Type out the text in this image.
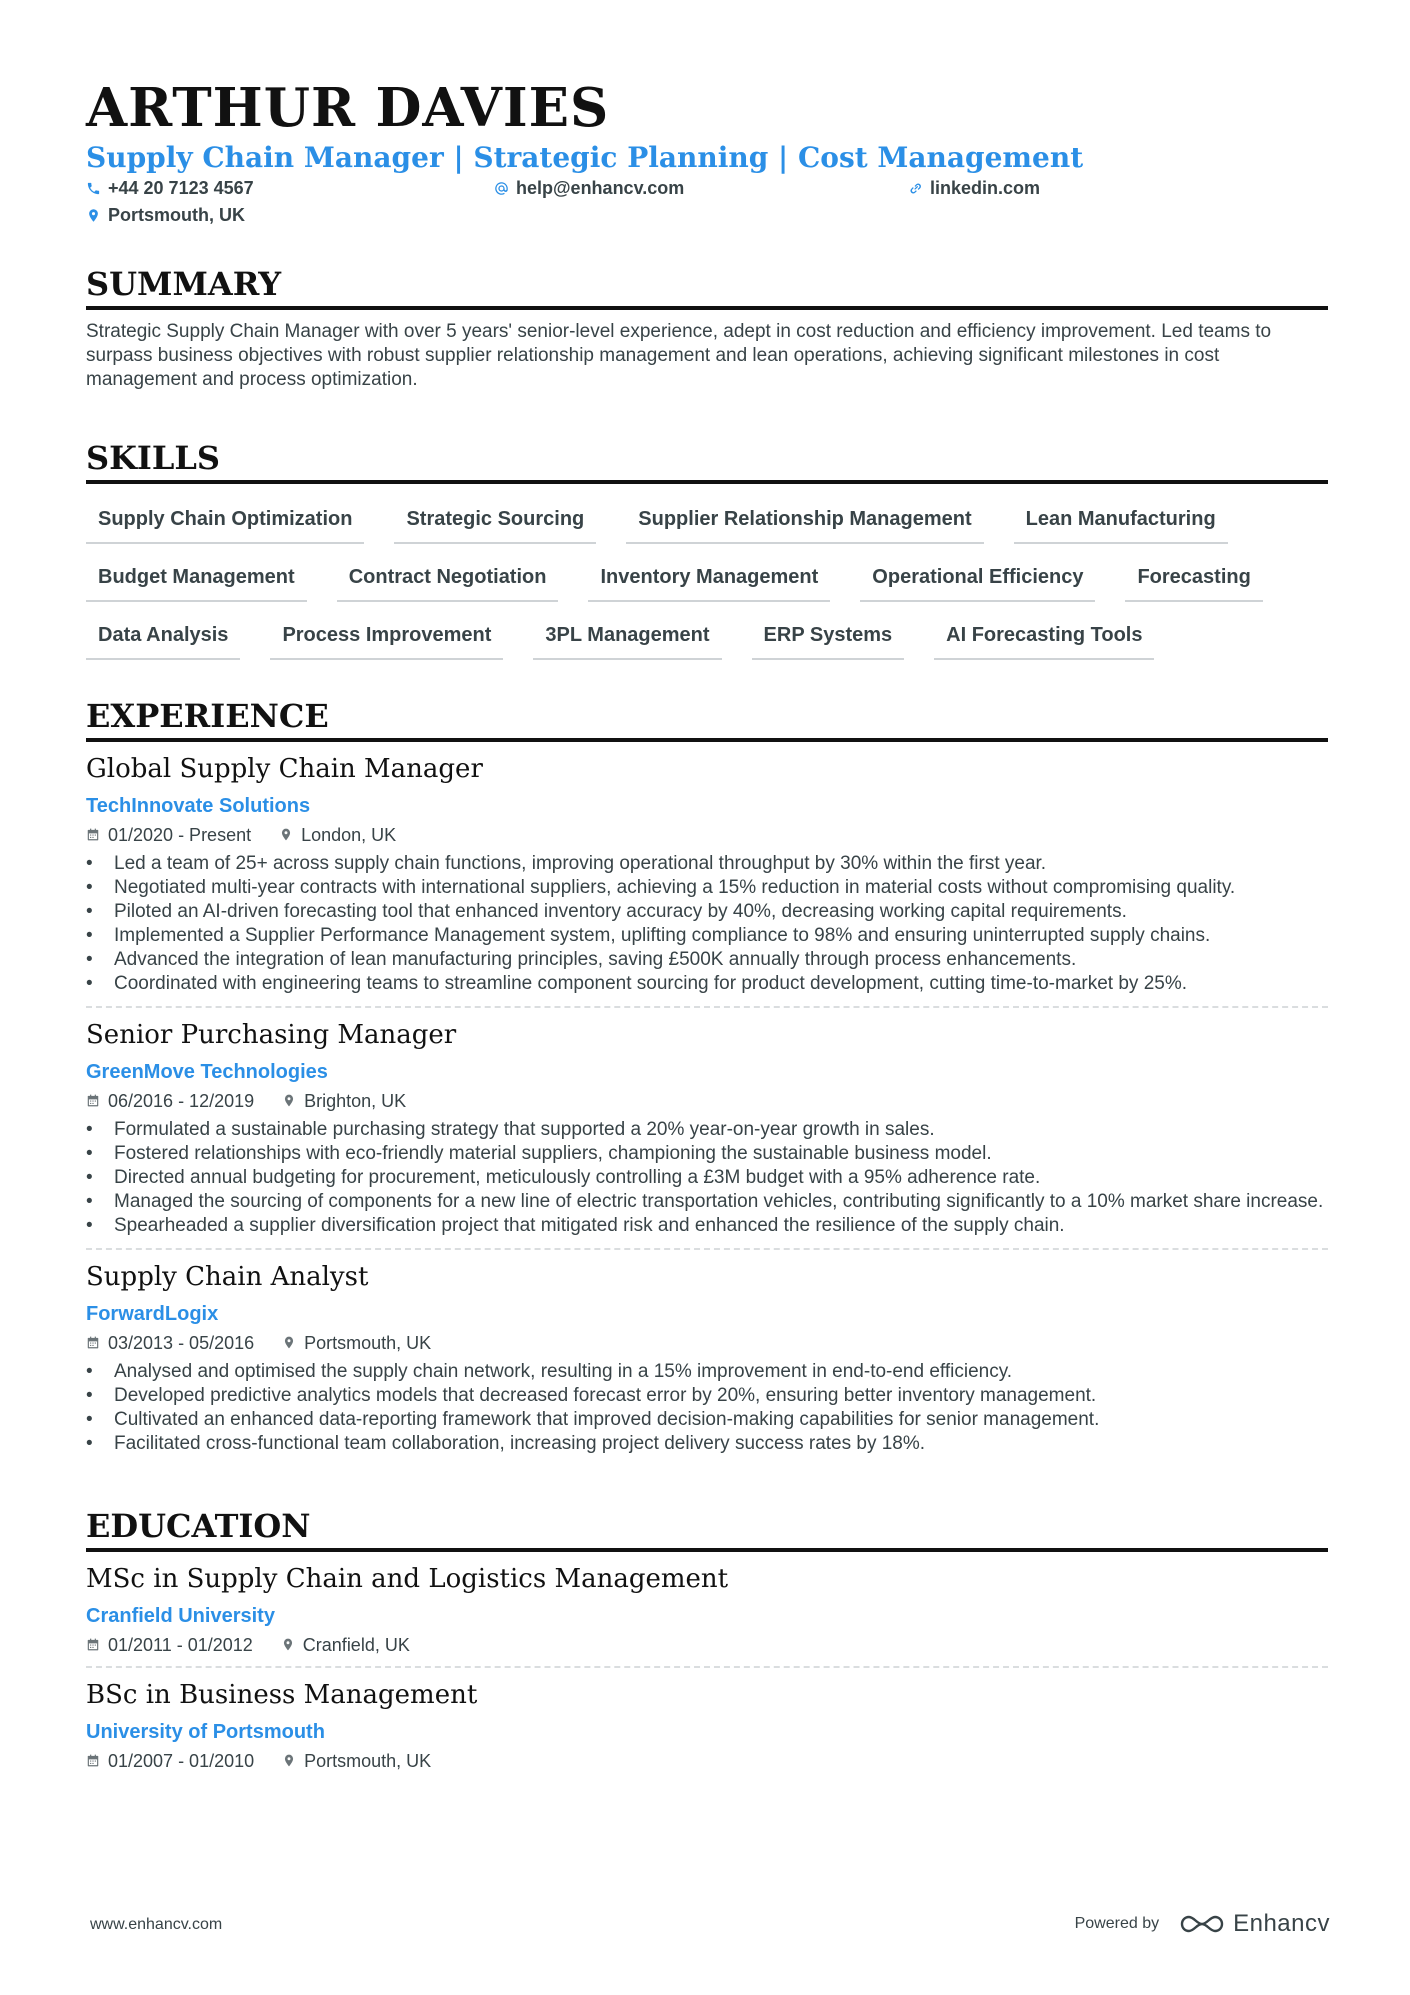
ARTHUR DAVIES
Supply Chain Manager | Strategic Planning | Cost Management
+44 20 7123 4567	help@enhancv.com	linkedin.com
Portsmouth, UK
SUMMARY
Strategic Supply Chain Manager with over 5 years' senior-level experience, adept in cost reduction and efficiency improvement. Led teams to surpass business objectives with robust supplier relationship management and lean operations, achieving significant milestones in cost management and process optimization.
SKILLS
Supply Chain Optimization	Strategic Sourcing	Supplier Relationship Management	Lean Manufacturing
Budget Management	Contract Negotiation	Inventory Management	Operational Efficiency	Forecasting
Data Analysis	Process Improvement	3PL Management	ERP Systems	AI Forecasting Tools
EXPERIENCE
Global Supply Chain Manager
TechInnovate Solutions
01/2020 - Present	London, UK
• Led a team of 25+ across supply chain functions, improving operational throughput by 30% within the first year.
• Negotiated multi-year contracts with international suppliers, achieving a 15% reduction in material costs without compromising quality.
• Piloted an AI-driven forecasting tool that enhanced inventory accuracy by 40%, decreasing working capital requirements.
• Implemented a Supplier Performance Management system, uplifting compliance to 98% and ensuring uninterrupted supply chains.
• Advanced the integration of lean manufacturing principles, saving £500K annually through process enhancements.
• Coordinated with engineering teams to streamline component sourcing for product development, cutting time-to-market by 25%.
Senior Purchasing Manager
GreenMove Technologies
06/2016 - 12/2019	Brighton, UK
• Formulated a sustainable purchasing strategy that supported a 20% year-on-year growth in sales.
• Fostered relationships with eco-friendly material suppliers, championing the sustainable business model.
• Directed annual budgeting for procurement, meticulously controlling a £3M budget with a 95% adherence rate.
• Managed the sourcing of components for a new line of electric transportation vehicles, contributing significantly to a 10% market share increase.
• Spearheaded a supplier diversification project that mitigated risk and enhanced the resilience of the supply chain.
Supply Chain Analyst
ForwardLogix
03/2013 - 05/2016	Portsmouth, UK
• Analysed and optimised the supply chain network, resulting in a 15% improvement in end-to-end efficiency.
• Developed predictive analytics models that decreased forecast error by 20%, ensuring better inventory management.
• Cultivated an enhanced data-reporting framework that improved decision-making capabilities for senior management.
• Facilitated cross-functional team collaboration, increasing project delivery success rates by 18%.
EDUCATION
MSc in Supply Chain and Logistics Management
Cranfield University
01/2011 - 01/2012	Cranfield, UK
BSc in Business Management
University of Portsmouth
01/2007 - 01/2010	Portsmouth, UK
www.enhancv.com	Powered by	Enhancv
